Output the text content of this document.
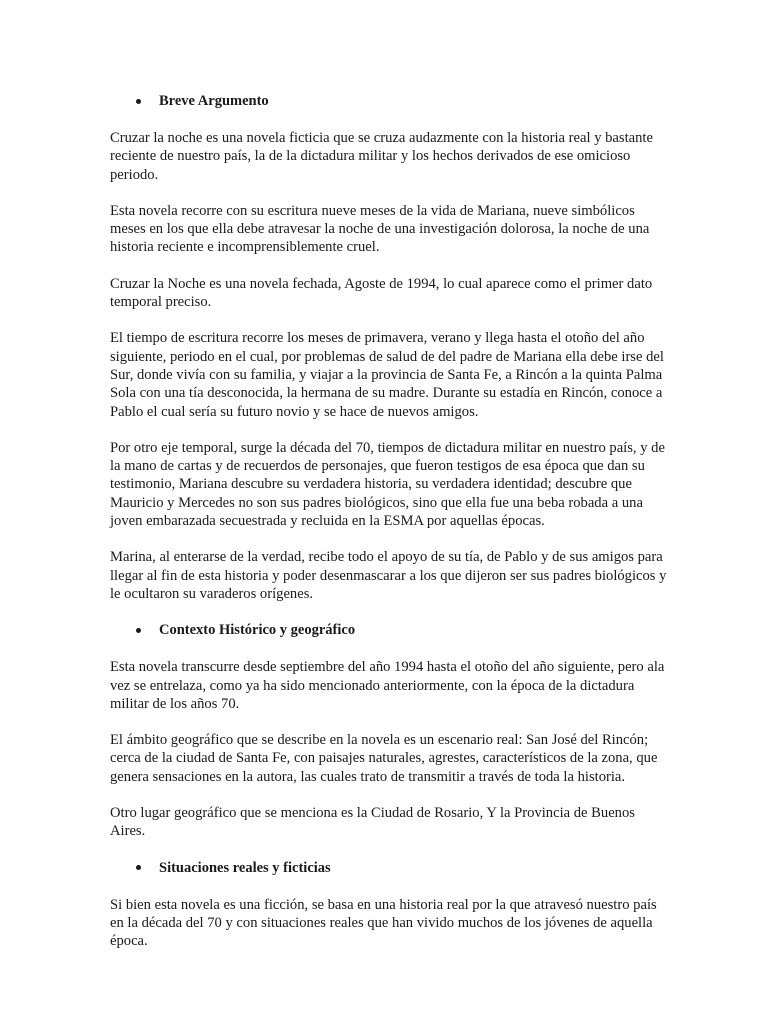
Breve Argumento

Cruzar la noche es una novela ficticia que se cruza audazmente con la historia real y bastante reciente de nuestro país, la de la dictadura militar y los hechos derivados de ese omicioso periodo.

Esta novela recorre con su escritura nueve meses de la vida de Mariana, nueve simbólicos meses en los que ella debe atravesar la noche de una investigación dolorosa, la noche de una historia reciente e incomprensiblemente cruel.

Cruzar la Noche es una novela fechada, Agoste de 1994, lo cual aparece como el primer dato temporal preciso.

El tiempo de escritura recorre los meses de primavera, verano y llega hasta el otoño del año siguiente, periodo en el cual, por problemas de salud de del padre de Mariana ella debe irse del Sur, donde vivía con su familia, y viajar a la provincia de Santa Fe, a Rincón a la quinta Palma Sola con una tía desconocida, la hermana de su madre. Durante su estadía en Rincón, conoce a Pablo el cual sería su futuro novio y se hace de nuevos amigos.

Por otro eje temporal, surge la década del 70, tiempos de dictadura militar en nuestro país, y de la mano de cartas y de recuerdos de personajes, que fueron testigos de esa época que dan su testimonio, Mariana descubre su verdadera historia, su verdadera identidad; descubre que Mauricio y Mercedes no son sus padres biológicos, sino que ella fue una beba robada a una joven embarazada secuestrada y recluida en la ESMA por aquellas épocas.

Marina, al enterarse de la verdad, recibe todo el apoyo de su tía, de Pablo y de sus amigos para llegar al fin de esta historia y poder desenmascarar a los que dijeron ser sus padres biológicos y le ocultaron su varaderos orígenes.

Contexto Histórico y geográfico

Esta novela transcurre desde septiembre del año 1994 hasta el otoño del año siguiente, pero ala vez se entrelaza, como ya ha sido mencionado anteriormente, con la época de la dictadura militar de los años 70.

El ámbito geográfico que se describe en la novela es un escenario real: San José del Rincón; cerca de la ciudad de Santa Fe, con paisajes naturales, agrestes, característicos de la zona, que genera sensaciones en la autora, las cuales trato de transmitir a través de toda la historia.

Otro lugar geográfico que se menciona es la Ciudad de Rosario, Y la Provincia de Buenos Aires.

Situaciones reales y ficticias

Si bien esta novela es una ficción, se basa en una historia real por la que atravesó nuestro país en la década del 70 y con situaciones reales que han vivido muchos de los jóvenes de aquella época.
